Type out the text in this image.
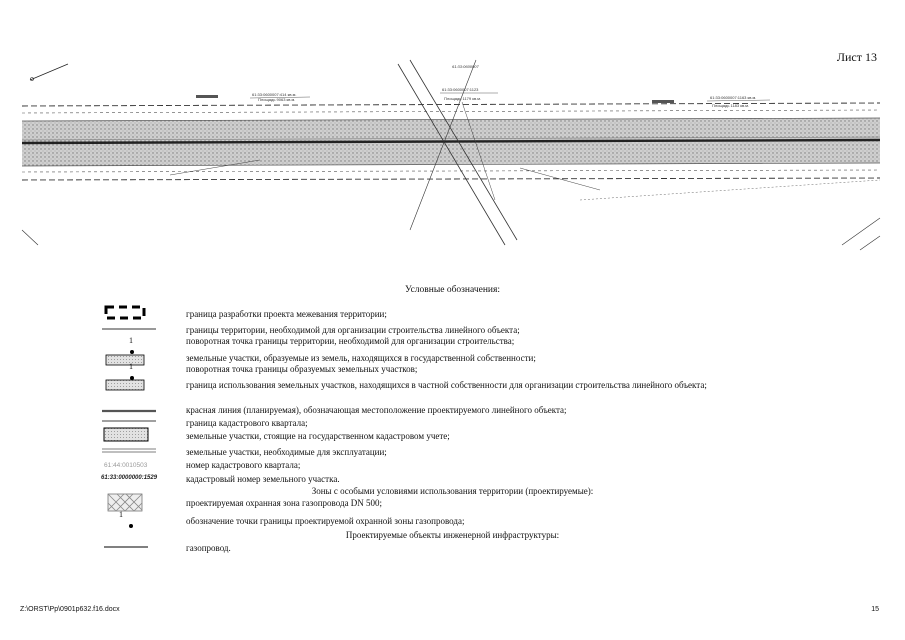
Лист 13
61:33:0600007:414 кв.м.
Площадь 9063 кв.м.
61:33:0600007:1123
Площадь 1179 кв.м.	61:33:0600007:1163 кв.м.
Площадь 1183 кв.м.
61:33:0600007
Условные обозначения:
1
1
1
61:44:0010503
61:33:0000000:1529
граница разработки проекта межевания территории;
границы территории, необходимой для организации строительства линейного объекта;
поворотная точка границы территории, необходимой для организации строительства;
земельные участки, образуемые из земель, находящихся в государственной собственности;
поворотная точка границы образуемых земельных участков;
граница использования земельных участков, находящихся в частной собственности для организации строительства линейного объекта;
красная линия (планируемая), обозначающая местоположение проектируемого линейного объекта;
граница кадастрового квартала;
земельные участки, стоящие на государственном кадастровом учете;
земельные участки, необходимые для эксплуатации;
номер кадастрового квартала;
кадастровый номер земельного участка.
Зоны с особыми условиями использования территории (проектируемые):
проектируемая охранная зона газопровода DN 500;
обозначение точки границы проектируемой охранной зоны газопровода;
Проектируемые объекты инженерной инфраструктуры:
газопровод.
Z:\ORST\Pp\0901p632.f16.docx	15
